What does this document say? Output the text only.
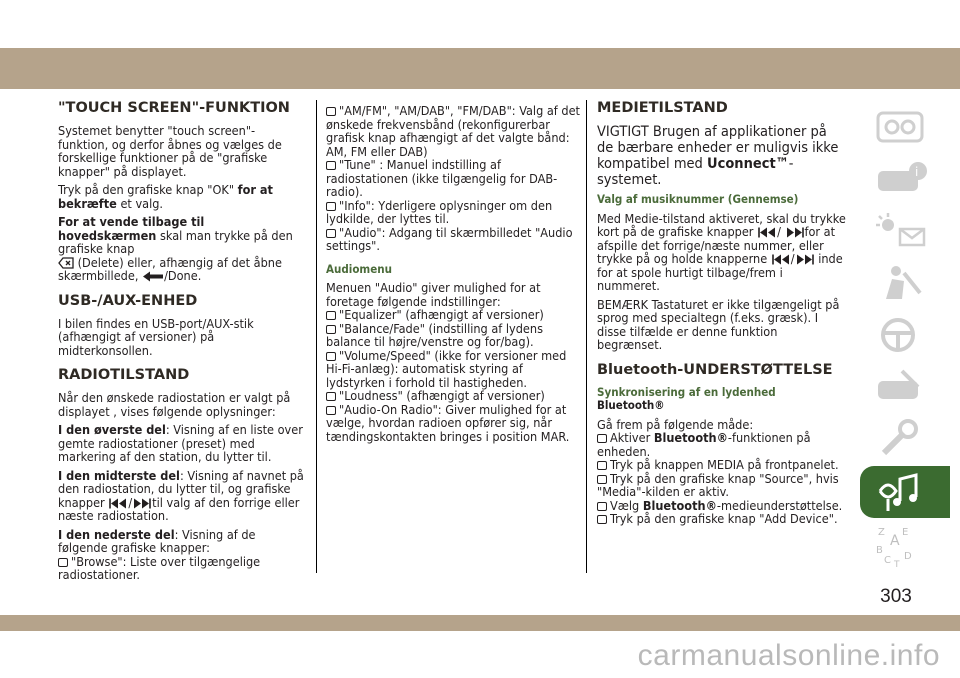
"TOUCH SCREEN"-FUNKTION

Systemet benytter "touch screen"-funktion, og derfor åbnes og vælges de forskellige funktioner på de "grafiske knapper" på displayet.

Tryk på den grafiske knap "OK" for at bekræfte et valg.

For at vende tilbage til hovedskærmen skal man trykke på den grafiske knap
(Delete) eller, afhængig af det åbne skærmbillede, /Done.

USB-/AUX-ENHED

I bilen findes en USB-port/AUX-stik (afhængigt af versioner) på midterkonsollen.

RADIOTILSTAND

Når den ønskede radiostation er valgt på displayet , vises følgende oplysninger:

I den øverste del: Visning af en liste over gemte radiostationer (preset) med markering af den station, du lytter til.

I den midterste del: Visning af navnet på den radiostation, du lytter til, og grafiske knapper / til valg af den forrige eller næste radiostation.

I den nederste del: Visning af de følgende grafiske knapper:
"Browse": Liste over tilgængelige radiostationer.

"AM/FM", "AM/DAB", "FM/DAB": Valg af det ønskede frekvensbånd (rekonfigurerbar grafisk knap afhængigt af det valgte bånd: AM, FM eller DAB)
"Tune" : Manuel indstilling af radiostationen (ikke tilgængelig for DAB-radio).
"Info": Yderligere oplysninger om den lydkilde, der lyttes til.
"Audio": Adgang til skærmbilledet "Audio settings".
Audiomenu

Menuen "Audio" giver mulighed for at foretage følgende indstillinger:

"Equalizer" (afhængigt af versioner)
"Balance/Fade" (indstilling af lydens balance til højre/venstre og for/bag).
"Volume/Speed" (ikke for versioner med Hi-Fi-anlæg): automatisk styring af lydstyrken i forhold til hastigheden.
"Loudness" (afhængigt af versioner)
"Audio-On Radio": Giver mulighed for at vælge, hvordan radioen opfører sig, når tændingskontakten bringes i position MAR.
MEDIETILSTAND

VIGTIGT Brugen af applikationer på de bærbare enheder er muligvis ikke kompatibel med Uconnect™-systemet.

Valg af musiknummer (Gennemse)

Med Medie-tilstand aktiveret, skal du trykke kort på de grafiske knapper / for at afspille det forrige/næste nummer, eller trykke på og holde knapperne / inde for at spole hurtigt tilbage/frem i nummeret.

BEMÆRK Tastaturet er ikke tilgængeligt på sprog med specialtegn (f.eks. græsk). I disse tilfælde er denne funktion begrænset.

Bluetooth-UNDERSTØTTELSE
Synkronisering af en lydenhed Bluetooth®

Gå frem på følgende måde:

Aktiver Bluetooth®-funktionen på enheden.

Tryk på knappen MEDIA på frontpanelet.
Tryk på den grafiske knap "Source", hvis "Media"-kilden er aktiv.
Vælg Bluetooth®-medieunderstøttelse.
Tryk på den grafiske knap "Add Device".
i
Z E
A
B
C T
D
303
carmanualsonline.info
